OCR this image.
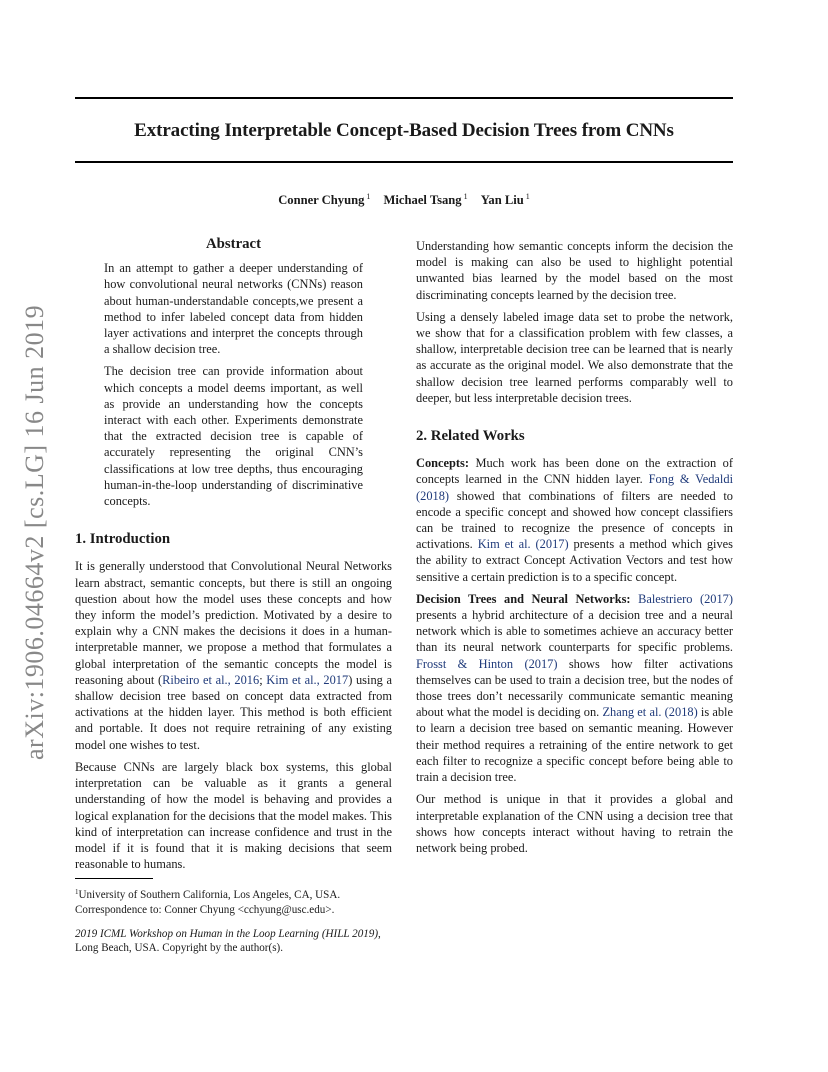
Extracting Interpretable Concept-Based Decision Trees from CNNs
Conner Chyung $^1$ Michael Tsang $^1$ Yan Liu $^1$
arXiv:1906.04664v2 [cs.LG] 16 Jun 2019
Abstract

In an attempt to gather a deeper understanding of how convolutional neural networks (CNNs) reason about human-understandable concepts,we present a method to infer labeled concept data from hidden layer activations and interpret the concepts through a shallow decision tree.

The decision tree can provide information about which concepts a model deems important, as well as provide an understanding how the concepts interact with each other. Experiments demonstrate that the extracted decision tree is capable of accurately representing the original CNN’s classifications at low tree depths, thus encouraging human-in-the-loop understanding of discriminative concepts.

1. Introduction

It is generally understood that Convolutional Neural Networks learn abstract, semantic concepts, but there is still an ongoing question about how the model uses these concepts and how they inform the model’s prediction. Motivated by a desire to explain why a CNN makes the decisions it does in a human-interpretable manner, we propose a method that formulates a global interpretation of the semantic concepts the model is reasoning about (Ribeiro et al., 2016; Kim et al., 2017) using a shallow decision tree based on concept data extracted from activations at the hidden layer. This method is both efficient and portable. It does not require retraining of any existing model one wishes to test.

Because CNNs are largely black box systems, this global interpretation can be valuable as it grants a general understanding of how the model is behaving and provides a logical explanation for the decisions that the model makes. This kind of interpretation can increase confidence and trust in the model if it is found that it is making decisions that seem reasonable to humans.

$^1$University of Southern California, Los Angeles, CA, USA. Correspondence to: Conner Chyung <cchyung@usc.edu>.
2019 ICML Workshop on Human in the Loop Learning (HILL 2019), Long Beach, USA. Copyright by the author(s).

Understanding how semantic concepts inform the decision the model is making can also be used to highlight potential unwanted bias learned by the model based on the most discriminating concepts learned by the decision tree.

Using a densely labeled image data set to probe the network, we show that for a classification problem with few classes, a shallow, interpretable decision tree can be learned that is nearly as accurate as the original model. We also demonstrate that the shallow decision tree learned performs comparably well to deeper, but less interpretable decision trees.

2. Related Works

Concepts: Much work has been done on the extraction of concepts learned in the CNN hidden layer. Fong & Vedaldi (2018) showed that combinations of filters are needed to encode a specific concept and showed how concept classifiers can be trained to recognize the presence of concepts in activations. Kim et al. (2017) presents a method which gives the ability to extract Concept Activation Vectors and test how sensitive a certain prediction is to a specific concept.

Decision Trees and Neural Networks: Balestriero (2017) presents a hybrid architecture of a decision tree and a neural network which is able to sometimes achieve an accuracy better than its neural network counterparts for specific problems. Frosst & Hinton (2017) shows how filter activations themselves can be used to train a decision tree, but the nodes of those trees don’t necessarily communicate semantic meaning about what the model is deciding on. Zhang et al. (2018) is able to learn a decision tree based on semantic meaning. However their method requires a retraining of the entire network to get each filter to recognize a specific concept before being able to train a decision tree.

Our method is unique in that it provides a global and interpretable explanation of the CNN using a decision tree that shows how concepts interact without having to retrain the network being probed.
